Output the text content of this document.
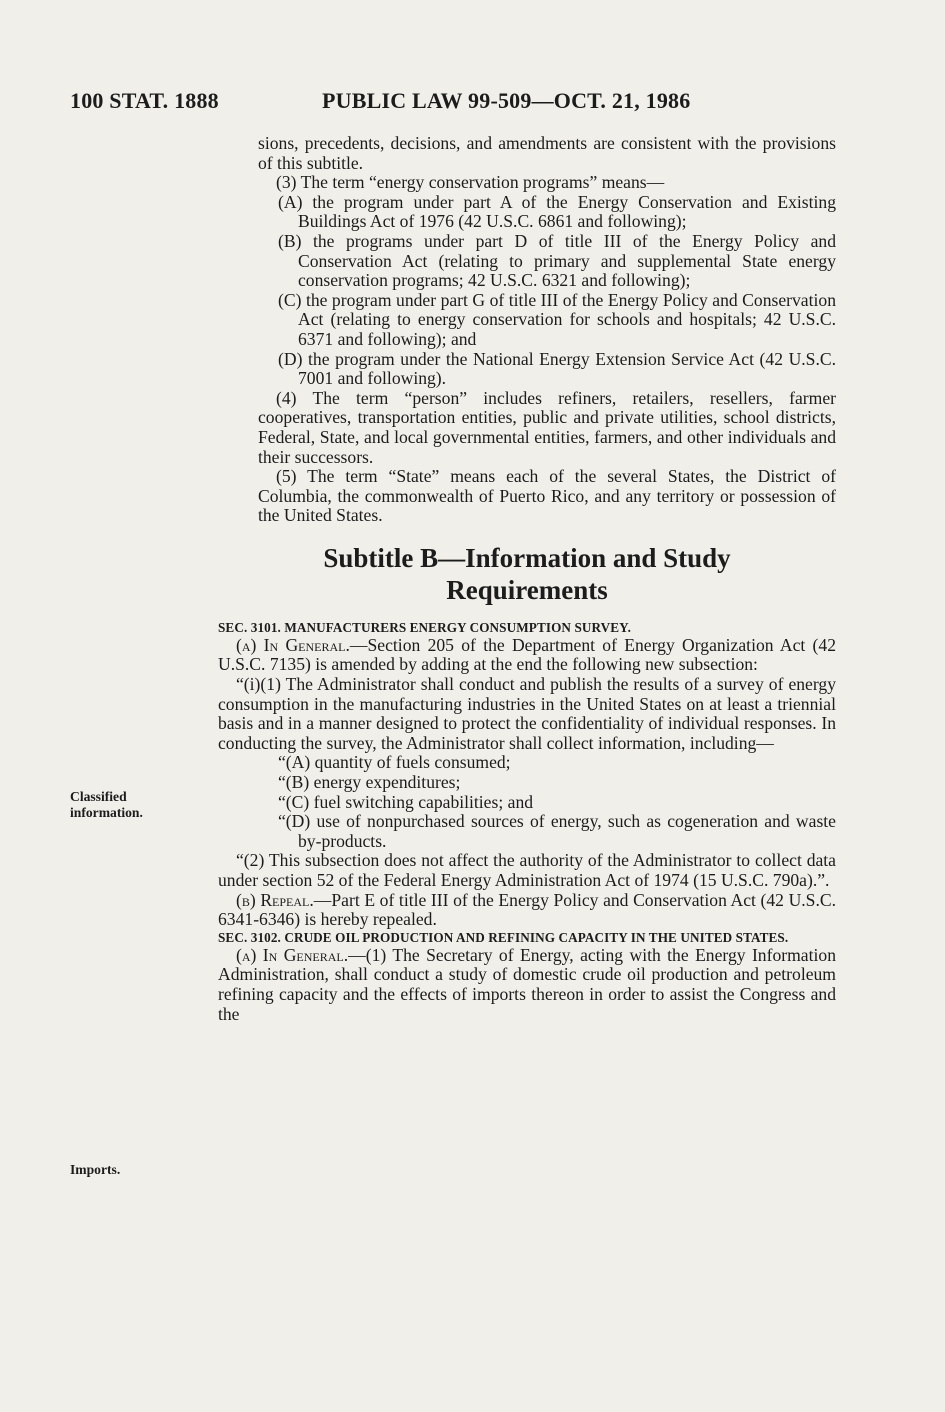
100 STAT. 1888	PUBLIC LAW 99-509—OCT. 21, 1986
Classified information.
Imports.

sions, precedents, decisions, and amendments are consistent with the provisions of this subtitle.

(3) The term “energy conservation programs” means—

(A) the program under part A of the Energy Conservation and Existing Buildings Act of 1976 (42 U.S.C. 6861 and following);

(B) the programs under part D of title III of the Energy Policy and Conservation Act (relating to primary and supplemental State energy conservation programs; 42 U.S.C. 6321 and following);

(C) the program under part G of title III of the Energy Policy and Conservation Act (relating to energy conservation for schools and hospitals; 42 U.S.C. 6371 and following); and

(D) the program under the National Energy Extension Service Act (42 U.S.C. 7001 and following).

(4) The term “person” includes refiners, retailers, resellers, farmer cooperatives, transportation entities, public and private utilities, school districts, Federal, State, and local governmental entities, farmers, and other individuals and their successors.

(5) The term “State” means each of the several States, the District of Columbia, the commonwealth of Puerto Rico, and any territory or possession of the United States.

Subtitle B—Information and Study
Requirements

SEC. 3101. MANUFACTURERS ENERGY CONSUMPTION SURVEY.

(a) In General.—Section 205 of the Department of Energy Organization Act (42 U.S.C. 7135) is amended by adding at the end the following new subsection:

“(i)(1) The Administrator shall conduct and publish the results of a survey of energy consumption in the manufacturing industries in the United States on at least a triennial basis and in a manner designed to protect the confidentiality of individual responses. In conducting the survey, the Administrator shall collect information, including—

“(A) quantity of fuels consumed;

“(B) energy expenditures;

“(C) fuel switching capabilities; and

“(D) use of nonpurchased sources of energy, such as cogeneration and waste by-products.

“(2) This subsection does not affect the authority of the Administrator to collect data under section 52 of the Federal Energy Administration Act of 1974 (15 U.S.C. 790a).”.

(b) Repeal.—Part E of title III of the Energy Policy and Conservation Act (42 U.S.C. 6341-6346) is hereby repealed.

SEC. 3102. CRUDE OIL PRODUCTION AND REFINING CAPACITY IN THE UNITED STATES.

(a) In General.—(1) The Secretary of Energy, acting with the Energy Information Administration, shall conduct a study of domestic crude oil production and petroleum refining capacity and the effects of imports thereon in order to assist the Congress and the
